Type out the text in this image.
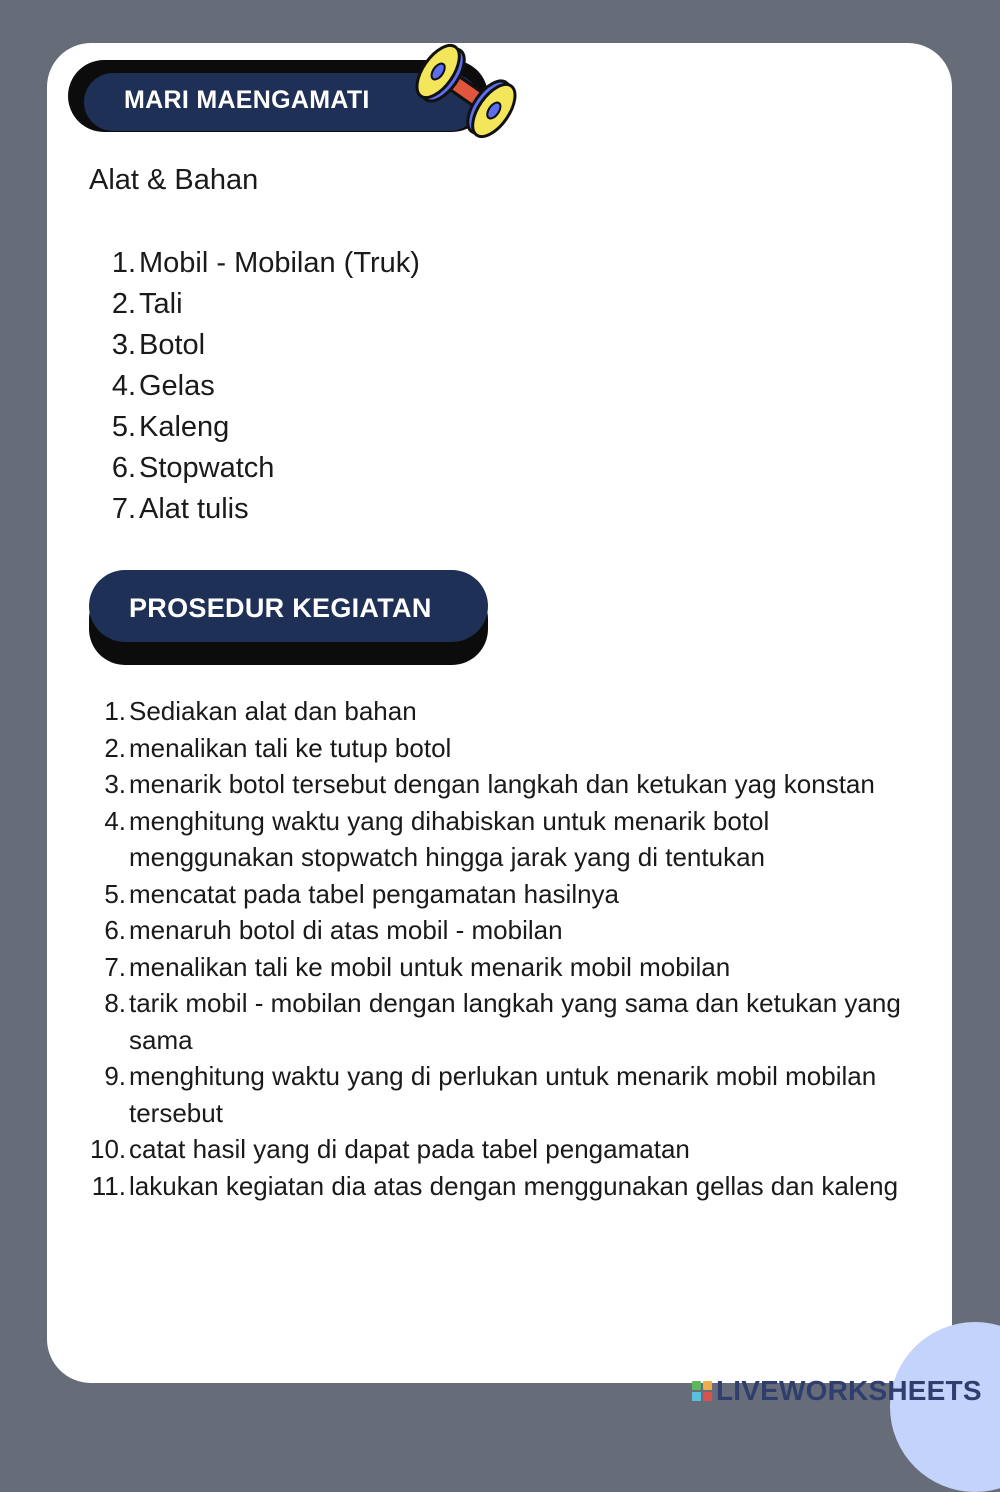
MARI MAENGAMATI
Alat & Bahan
1. Mobil - Mobilan (Truk)
2. Tali
3. Botol
4. Gelas
5. Kaleng
6. Stopwatch
7. Alat tulis
PROSEDUR KEGIATAN
1. Sediakan alat dan bahan
2. menalikan tali ke tutup botol
3. menarik botol tersebut dengan langkah dan ketukan yag konstan
4. menghitung waktu yang dihabiskan untuk menarik botol menggunakan stopwatch hingga jarak yang di tentukan
5. mencatat pada tabel pengamatan hasilnya
6. menaruh botol di atas mobil - mobilan
7. menalikan tali ke mobil untuk menarik mobil mobilan
8. tarik mobil - mobilan dengan langkah yang sama dan ketukan yang sama
9. menghitung waktu yang di perlukan untuk menarik mobil mobilan tersebut
10. catat hasil yang di dapat pada tabel pengamatan
11. lakukan kegiatan dia atas dengan menggunakan gellas dan kaleng
LIVEWORKSHEETS
